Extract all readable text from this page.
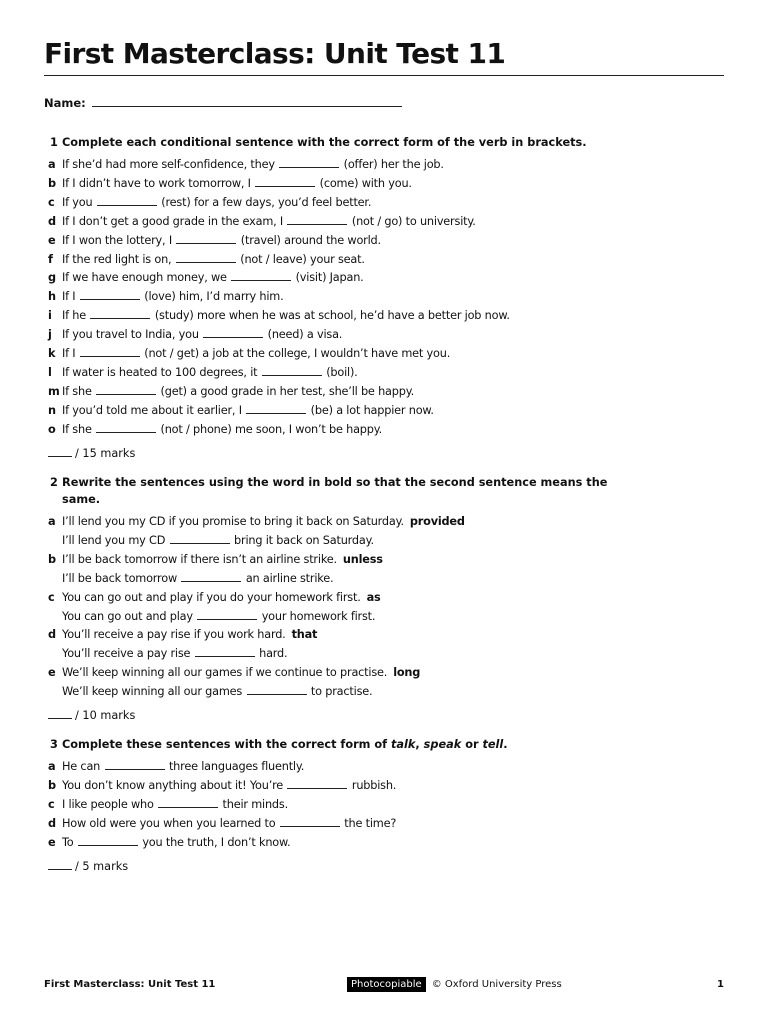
First Masterclass: Unit Test 11
Name:
1 Complete each conditional sentence with the correct form of the verb in brackets.
a If she’d had more self-confidence, they	(offer) her the job.
b If I didn’t have to work tomorrow, I	(come) with you.
c If you	(rest) for a few days, you’d feel better.
d If I don’t get a good grade in the exam, I	(not / go) to university.
e If I won the lottery, I	(travel) around the world.
f If the red light is on,	(not / leave) your seat.
g If we have enough money, we	(visit) Japan.
h If I	(love) him, I’d marry him.
i If he	(study) more when he was at school, he’d have a better job now.
j If you travel to India, you	(need) a visa.
k If I	(not / get) a job at the college, I wouldn’t have met you.
l If water is heated to 100 degrees, it	(boil).
m If she	(get) a good grade in her test, she’ll be happy.
n If you’d told me about it earlier, I	(be) a lot happier now.
o If she	(not / phone) me soon, I won’t be happy.
/ 15 marks
2 Rewrite the sentences using the word in bold so that the second sentence means the same.
a I’ll lend you my CD if you promise to bring it back on Saturday. provided
I’ll lend you my CD	bring it back on Saturday.
b I’ll be back tomorrow if there isn’t an airline strike. unless
I’ll be back tomorrow	an airline strike.
c You can go out and play if you do your homework first. as
You can go out and play	your homework first.
d You’ll receive a pay rise if you work hard. that
You’ll receive a pay rise	hard.
e We’ll keep winning all our games if we continue to practise. long
We’ll keep winning all our games	to practise.
/ 10 marks
3 Complete these sentences with the correct form of talk, speak or tell.
a He can	three languages fluently.
b You don’t know anything about it! You’re	rubbish.
c I like people who	their minds.
d How old were you when you learned to	the time?
e To	you the truth, I don’t know.
/ 5 marks
First Masterclass: Unit Test 11	Photocopiable © Oxford University Press	1
